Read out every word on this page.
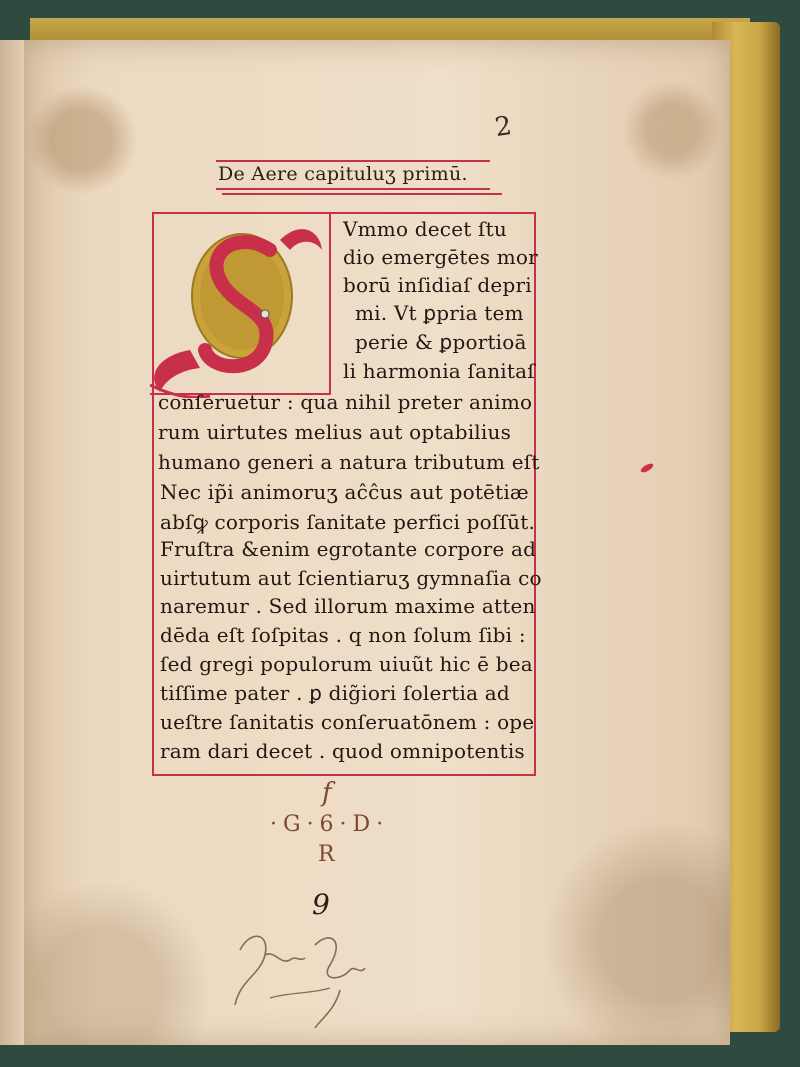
2
De Aere capituluʒ primū.
Vmmo decet ſtu
dio emergētes mor
borū inſidiaſ depri
mi. Vt ꝑpria tem
perie & ꝑportioā
li harmonia ſanitaſ
conſeruetur : qua nihil preter animo
rum uirtutes melius aut optabilius
humano generi a natura tributum eſt
Nec ip̃i animoruʒ aĉĉus aut potētiæ
abſꝙ corporis ſanitate perfici poſſūt.
Fruſtra &enim egrotante corpore ad
uirtutum aut ſcientiaruʒ gymnaſia co
naremur . Sed illorum maxime atten
dēda eſt ſoſpitas . q non ſolum ſibi :
ſed gregi populorum uiuũt hic ē bea
tiſſime pater . ꝑ dig̃iori ſolertia ad
ueſtre ſanitatis conſeruatōnem : ope
ram dari decet . quod omnipotentis
f
·G·6·D·
R
9
